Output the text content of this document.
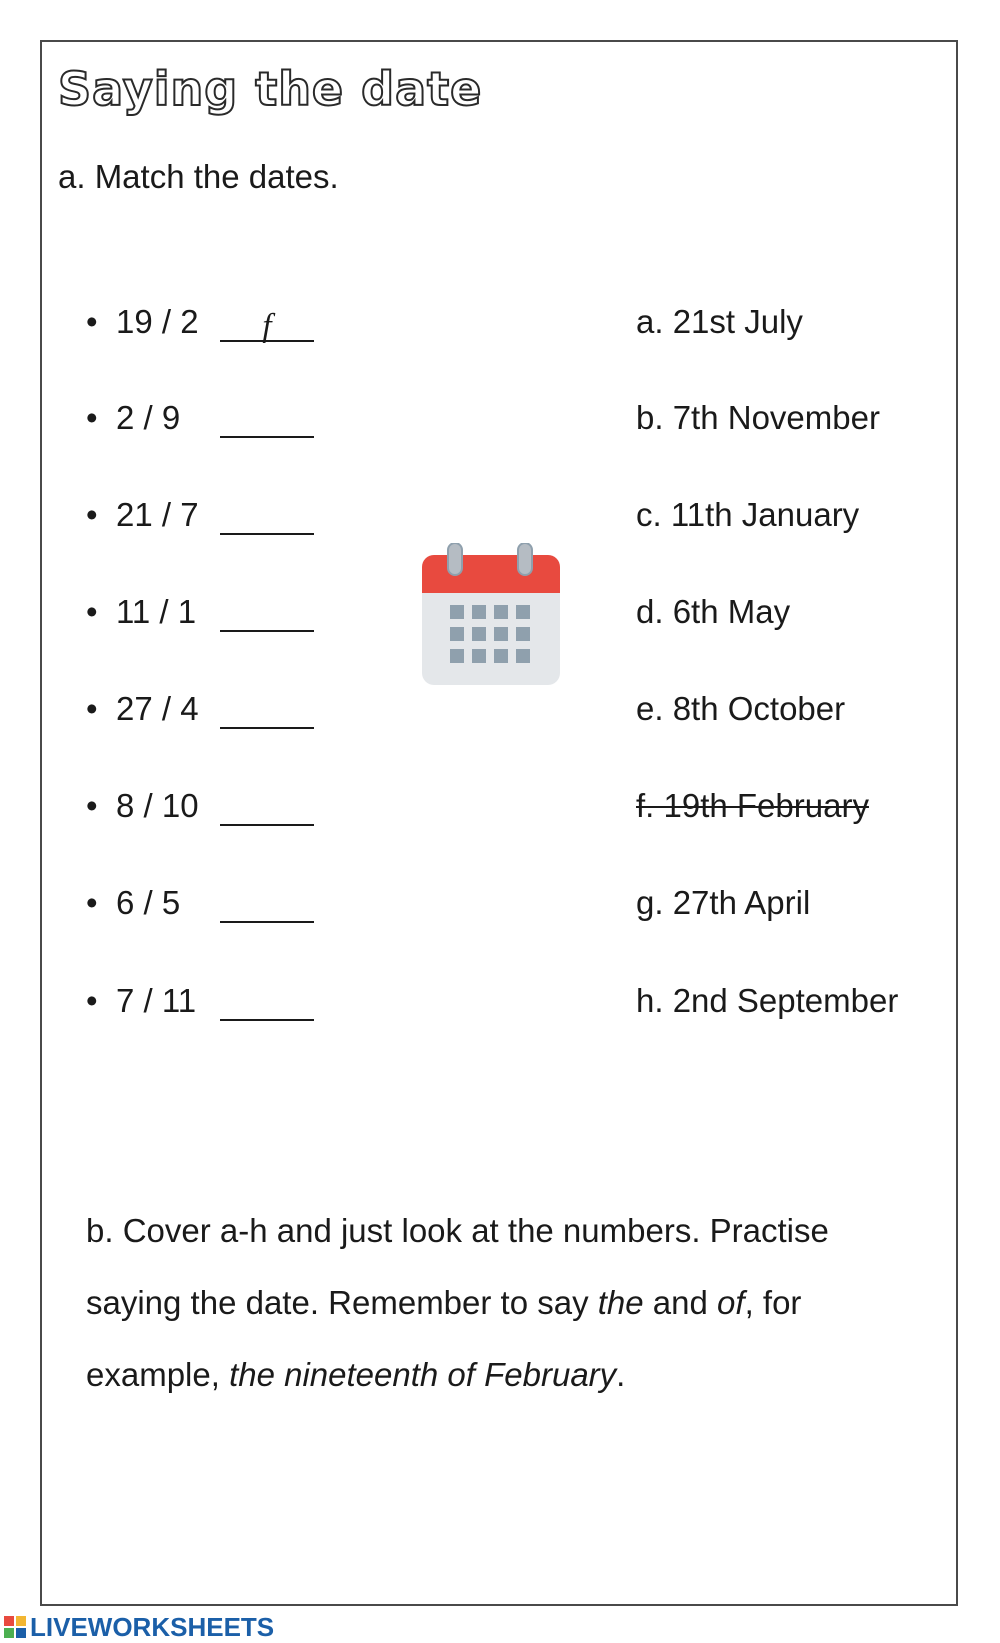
Saying the date
a. Match the dates.
• 19 / 2 f
• 2 / 9
• 21 / 7
• 11 / 1
• 27 / 4
• 8 / 10
• 6 / 5
• 7 / 11
a. 21st July
b. 7th November
c. 11th January
d. 6th May
e. 8th October
f. 19th February
g. 27th April
h. 2nd September
b. Cover a-h and just look at the numbers. Practise saying the date. Remember to say the and of, for example, the nineteenth of February.
LIVEWORKSHEETS
